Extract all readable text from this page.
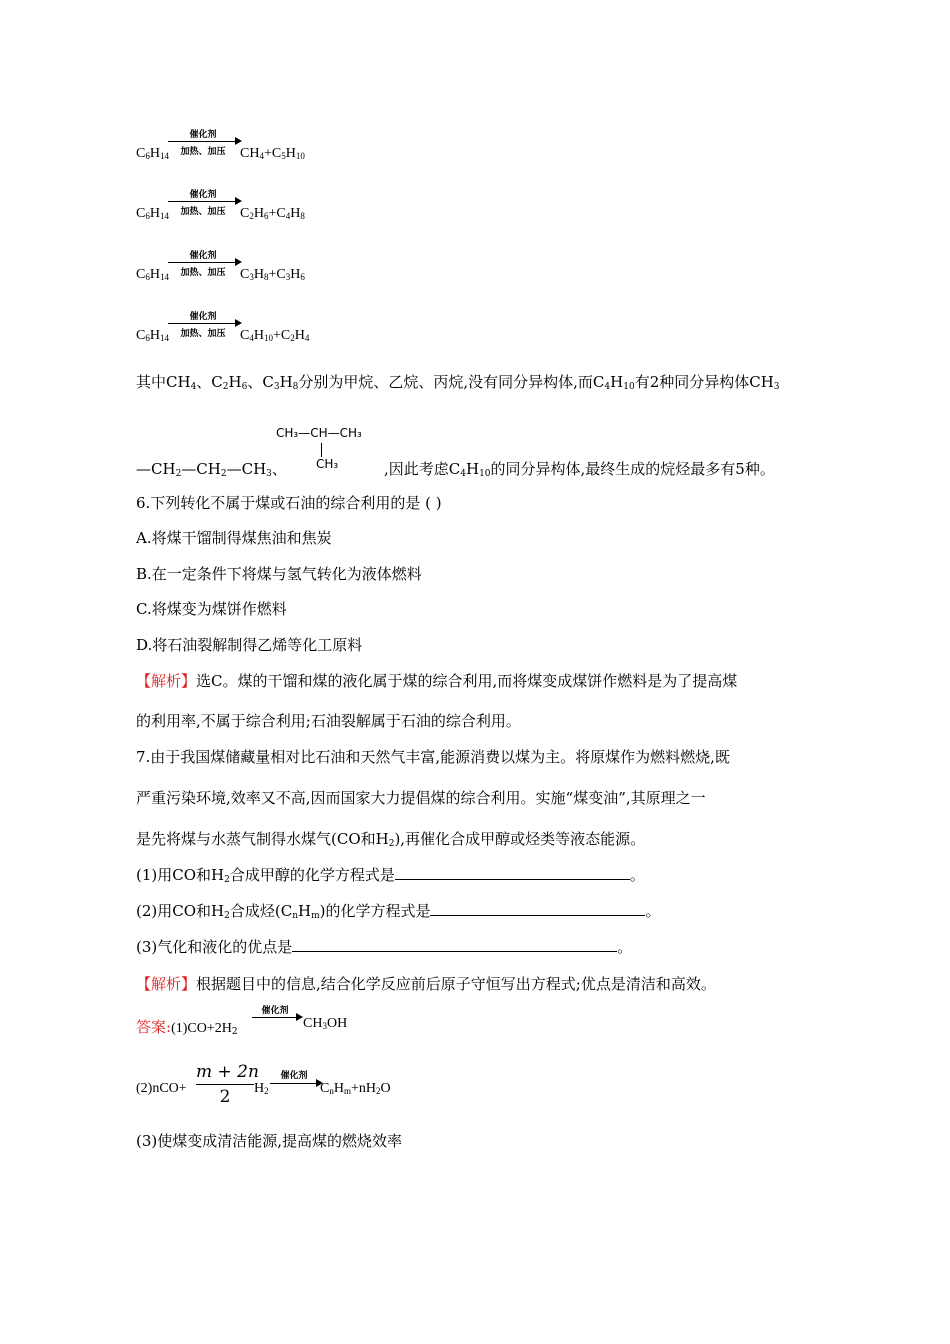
$C_6H_{14}$
催化剂
加热、加压	$CH_4+C_5H_{10}$
$C_6H_{14}$
催化剂
加热、加压	$C_2H_6+C_4H_8$
$C_6H_{14}$
催化剂
加热、加压	$C_3H_8+C_3H_6$
$C_6H_{14}$
催化剂
加热、加压	$C_4H_{10}+C_2H_4$
其中$CH_4$、$C_2H_6$、$C_3H_8$分别为甲烷、乙烷、丙烷,没有同分异构体,而$C_4H_{10}$有2种同分异构体$CH_3$
CH₃—CH—CH₃
CH₃
$—CH_2—CH_2—CH_3$、	,因此考虑$C_4H_{10}$的同分异构体,最终生成的烷烃最多有5种。
6.下列转化不属于煤或石油的综合利用的是 ( )
A.将煤干馏制得煤焦油和焦炭
B.在一定条件下将煤与氢气转化为液体燃料
C.将煤变为煤饼作燃料
D.将石油裂解制得乙烯等化工原料
【解析】选C。煤的干馏和煤的液化属于煤的综合利用,而将煤变成煤饼作燃料是为了提高煤
的利用率,不属于综合利用;石油裂解属于石油的综合利用。
7.由于我国煤储藏量相对比石油和天然气丰富,能源消费以煤为主。将原煤作为燃料燃烧,既
严重污染环境,效率又不高,因而国家大力提倡煤的综合利用。实施“煤变油”,其原理之一
是先将煤与水蒸气制得水煤气(CO和$H_2$),再催化合成甲醇或烃类等液态能源。
(1)用CO和$H_2$合成甲醇的化学方程式是	。
(2)用CO和$H_2$合成烃$(C_nH_m)$的化学方程式是	。
(3)气化和液化的优点是	。
【解析】根据题目中的信息,结合化学反应前后原子守恒写出方程式;优点是清洁和高效。
答案$:(1)CO+2H_2$
催化剂
$CH_3OH$
(2)nCO+
m + 2n
2	$H_2$
催化剂
$C_nH_m+nH_2O$
(3)使煤变成清洁能源,提高煤的燃烧效率
